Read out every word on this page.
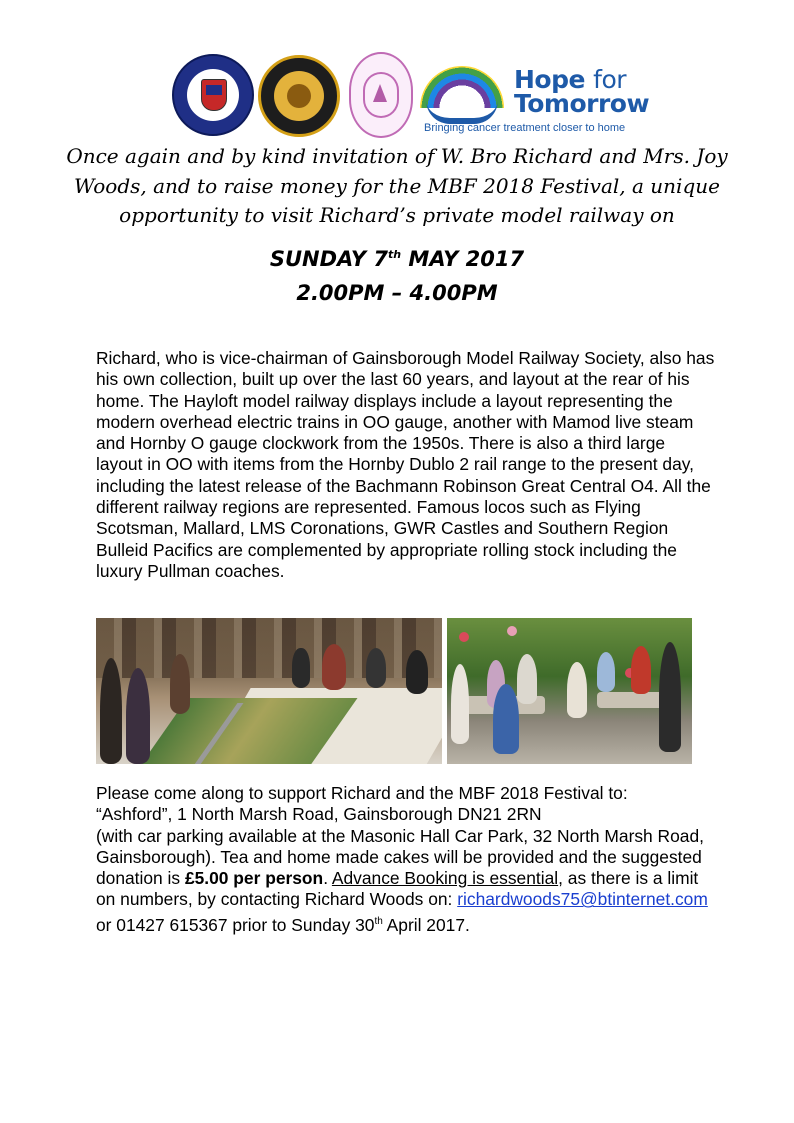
Hope for
Tomorrow
Bringing cancer treatment closer to home

Once again and by kind invitation of W. Bro Richard and Mrs. Joy
Woods, and to raise money for the MBF 2018 Festival, a unique
opportunity to visit Richard’s private model railway on

SUNDAY 7th MAY 2017

2.00PM – 4.00PM

Richard, who is vice-chairman of Gainsborough Model Railway Society, also has his own collection, built up over the last 60 years, and layout at the rear of his home. The Hayloft model railway displays include a layout representing the modern overhead electric trains in OO gauge, another with Mamod live steam and Hornby O gauge clockwork from the 1950s. There is also a third large layout in OO with items from the Hornby Dublo 2 rail range to the present day, including the latest release of the Bachmann Robinson Great Central O4. All the different railway regions are represented. Famous locos such as Flying Scotsman, Mallard, LMS Coronations, GWR Castles and Southern Region Bulleid Pacifics are complemented by appropriate rolling stock including the luxury Pullman coaches.

Please come along to support Richard and the MBF 2018 Festival to:
“Ashford”, 1 North Marsh Road, Gainsborough DN21 2RN
(with car parking available at the Masonic Hall Car Park, 32 North Marsh Road, Gainsborough). Tea and home made cakes will be provided and the suggested donation is £5.00 per person. Advance Booking is essential, as there is a limit on numbers, by contacting Richard Woods on: richardwoods75@btinternet.com or 01427 615367 prior to Sunday 30th April 2017.
